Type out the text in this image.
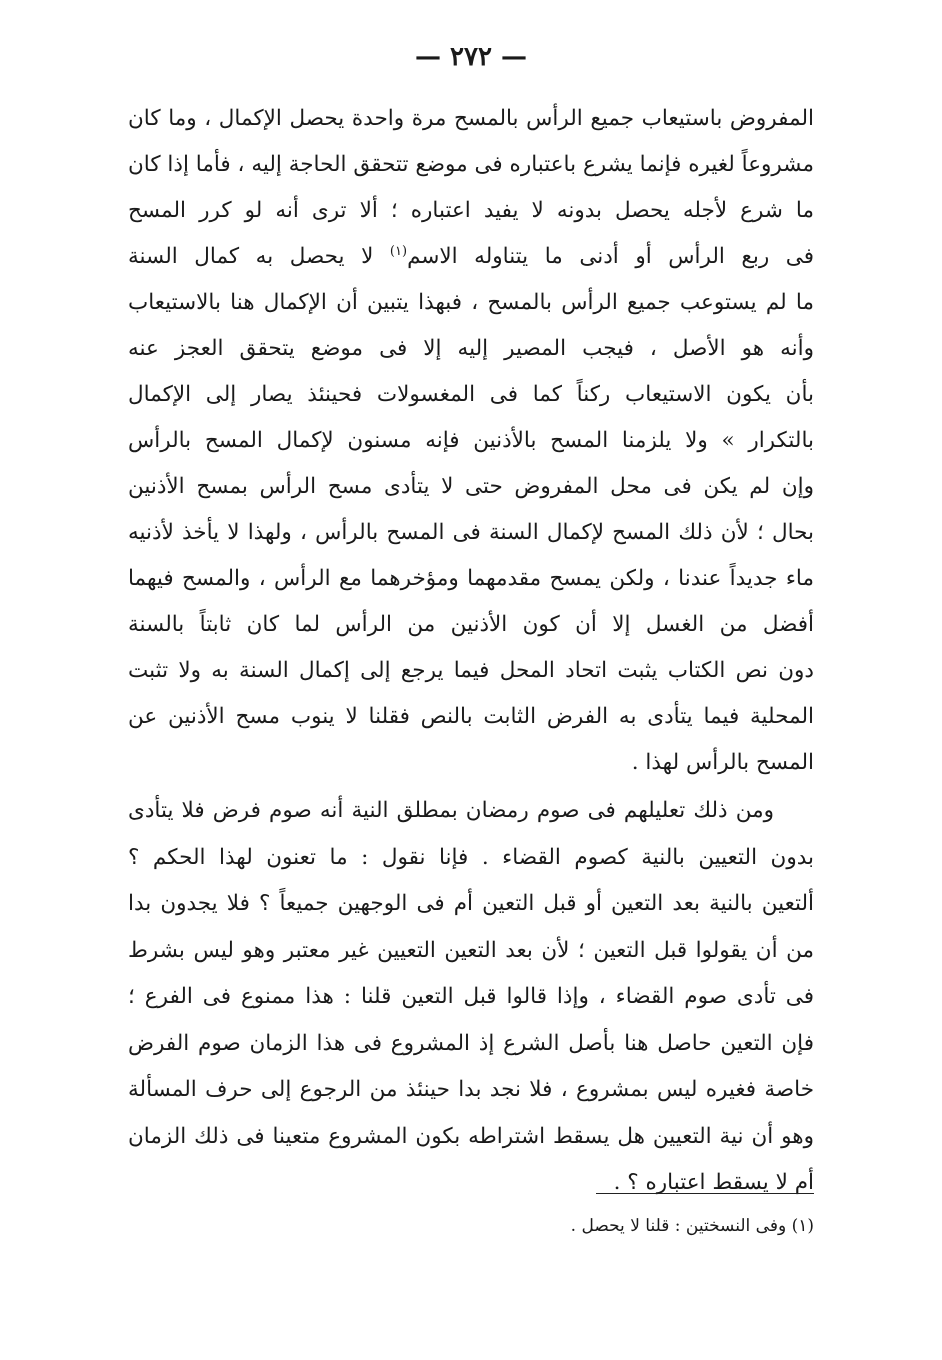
— ٢٧٢ —
المفروض باستيعاب جميع الرأس بالمسح مرة واحدة يحصل الإكمال ، وما كان
مشروعاً لغيره فإنما يشرع باعتباره فى موضع تتحقق الحاجة إليه ، فأما إذا كان
ما شرع لأجله يحصل بدونه لا يفيد اعتباره ؛ ألا ترى أنه لو كرر المسح
فى ربع الرأس أو أدنى ما يتناوله الاسم$^{(١)}$ لا يحصل به كمال السنة
ما لم يستوعب جميع الرأس بالمسح ، فبهذا يتبين أن الإكمال هنا بالاستيعاب
وأنه هو الأصل ، فيجب المصير إليه إلا فى موضع يتحقق العجز عنه
بأن يكون الاستيعاب ركناً كما فى المغسولات فحينئذ يصار إلى الإكمال
بالتكرار » ولا يلزمنا المسح بالأذنين فإنه مسنون لإكمال المسح بالرأس
وإن لم يكن فى محل المفروض حتى لا يتأدى مسح الرأس بمسح الأذنين
بحال ؛ لأن ذلك المسح لإكمال السنة فى المسح بالرأس ، ولهذا لا يأخذ لأذنيه
ماء جديداً عندنا ، ولكن يمسح مقدمهما ومؤخرهما مع الرأس ، والمسح فيهما
أفضل من الغسل إلا أن كون الأذنين من الرأس لما كان ثابتاً بالسنة
دون نص الكتاب يثبت اتحاد المحل فيما يرجع إلى إكمال السنة به ولا تثبت
المحلية فيما يتأدى به الفرض الثابت بالنص فقلنا لا ينوب مسح الأذنين عن
المسح بالرأس لهذا .
ومن ذلك تعليلهم فى صوم رمضان بمطلق النية أنه صوم فرض فلا يتأدى
بدون التعيين بالنية كصوم القضاء . فإنا نقول : ما تعنون لهذا الحكم ؟
ألتعين بالنية بعد التعين أو قبل التعين أم فى الوجهين جميعاً ؟ فلا يجدون بدا
من أن يقولوا قبل التعين ؛ لأن بعد التعين التعيين غير معتبر وهو ليس بشرط
فى تأدى صوم القضاء ، وإذا قالوا قبل التعين قلنا : هذا ممنوع فى الفرع ؛
فإن التعين حاصل هنا بأصل الشرع إذ المشروع فى هذا الزمان صوم الفرض
خاصة فغيره ليس بمشروع ، فلا نجد بدا حينئذ من الرجوع إلى حرف المسألة
وهو أن نية التعيين هل يسقط اشتراطه بكون المشروع متعينا فى ذلك الزمان
أم لا يسقط اعتباره ؟ .
(١) وفى النسختين : قلنا لا يحصل .
